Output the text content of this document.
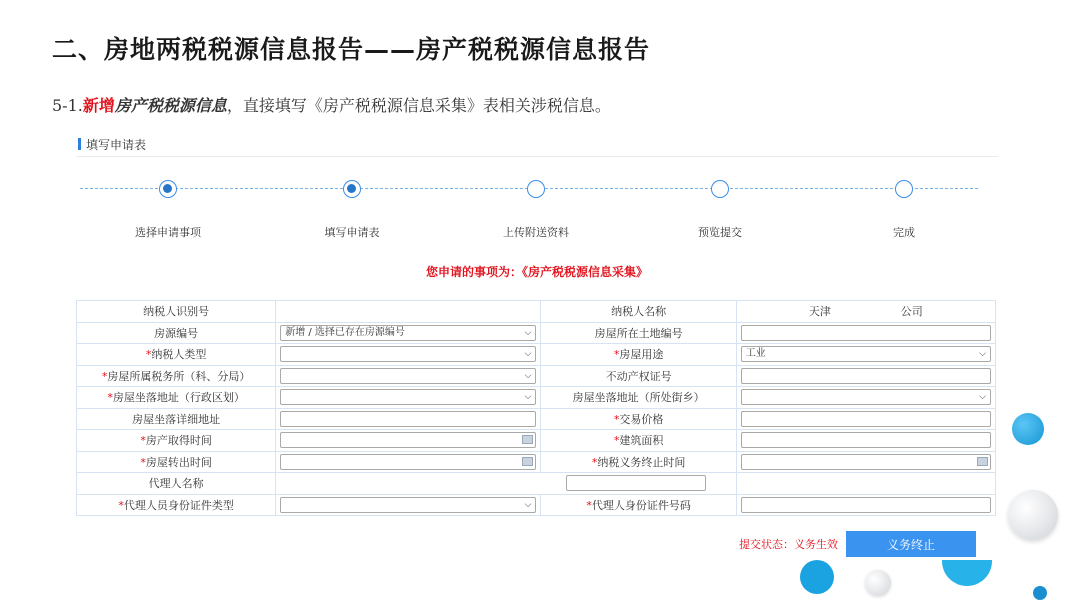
二、房地两税税源信息报告——房产税税源信息报告
5-1.新增房产税税源信息，直接填写《房产税税源信息采集》表相关涉税信息。
填写申请表
选择申请事项	填写申请表	上传附送资料	预览提交	完成
您申请的事项为：《房产税税源信息采集》
纳税人识别号		纳税人名称	天津                    公司
房源编号	新增 / 选择已存在房源编号 ⌵	房屋所在土地编号	

*纳税人类型	⌵	*房屋用途	工业 ⌵

*房屋所属税务所（科、分局）	⌵	不动产权证号	

*房屋坐落地址（行政区划）	⌵	房屋坐落地址（所处街乡）	⌵

房屋坐落详细地址		*交易价格	

*房产取得时间		*建筑面积	

*房屋转出时间		*纳税义务终止时间	

代理人名称		

*代理人员身份证件类型	⌵	*代理人身份证件号码	
提交状态：义务生效	义务终止
